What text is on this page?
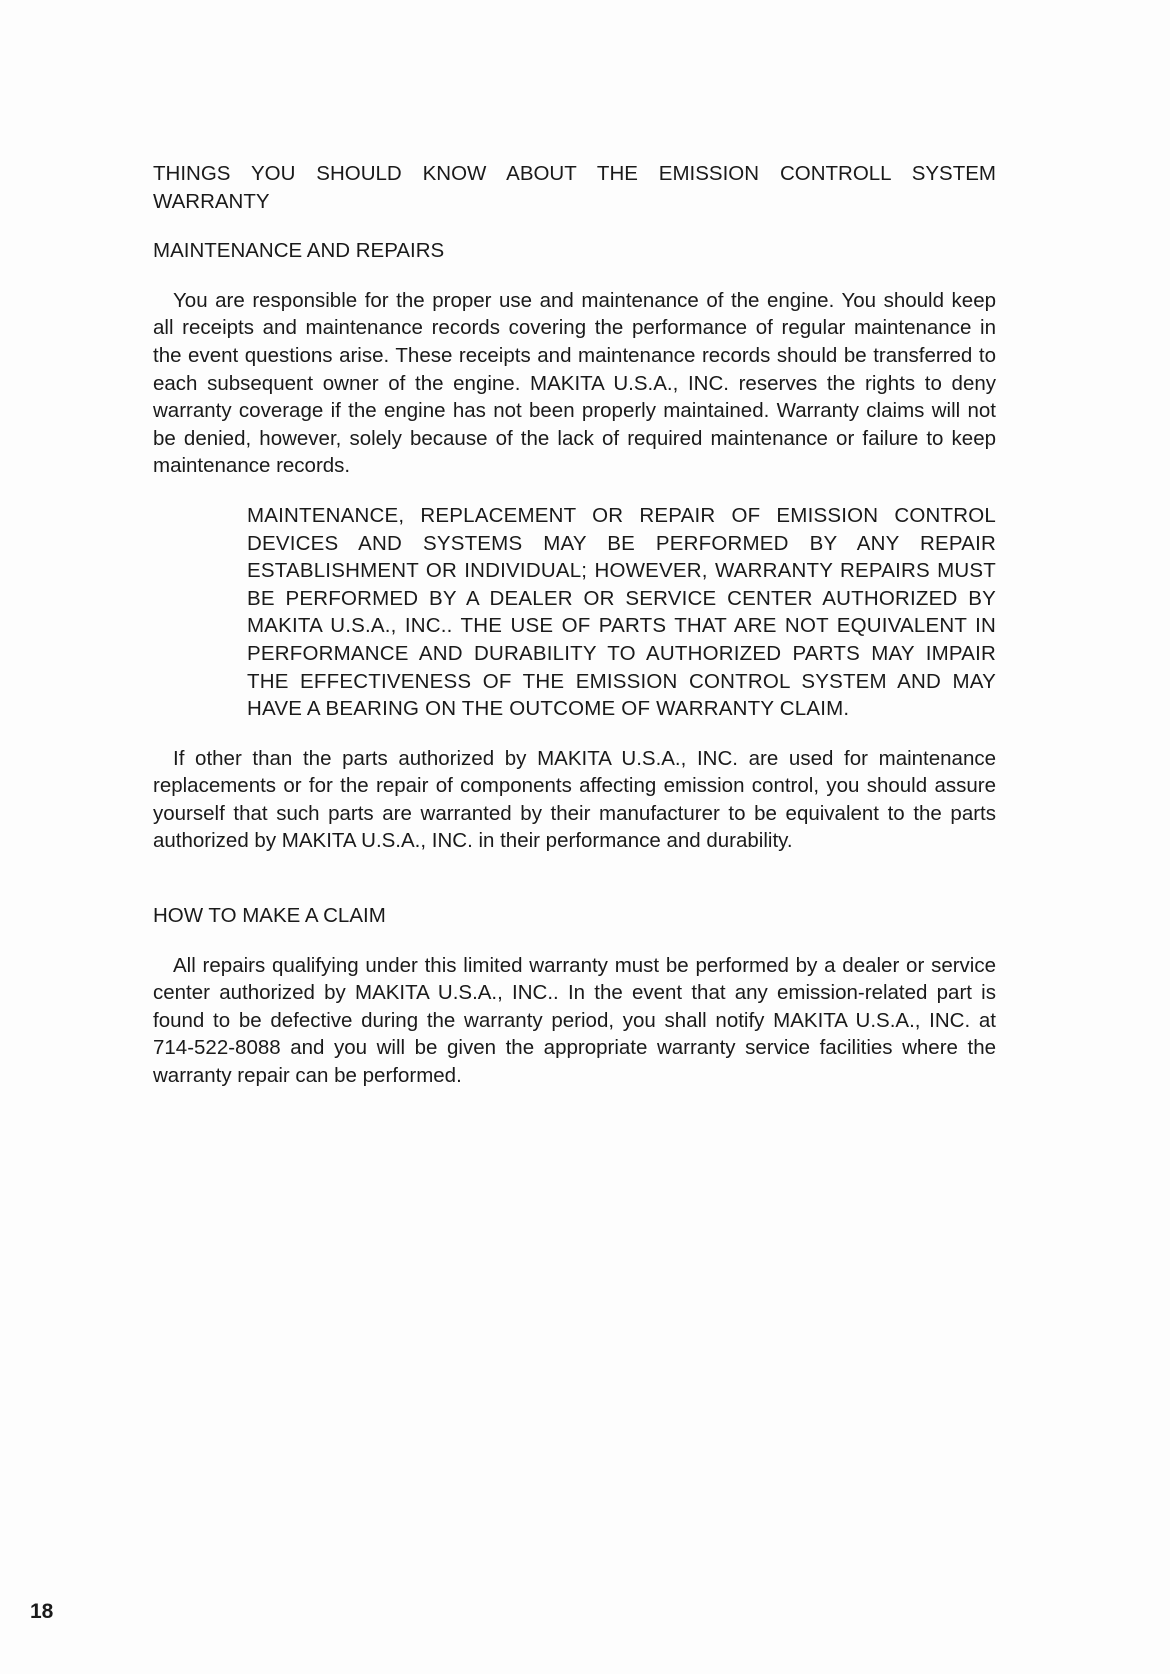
THINGS YOU SHOULD KNOW ABOUT THE EMISSION CONTROLL SYSTEM WARRANTY
MAINTENANCE AND REPAIRS

You are responsible for the proper use and maintenance of the engine. You should keep all receipts and maintenance records covering the performance of regular maintenance in the event questions arise. These receipts and maintenance records should be transferred to each subsequent owner of the engine. MAKITA U.S.A., INC. reserves the rights to deny warranty coverage if the engine has not been properly maintained. Warranty claims will not be denied, however, solely because of the lack of required maintenance or failure to keep maintenance records.

MAINTENANCE, REPLACEMENT OR REPAIR OF EMISSION CONTROL DEVICES AND SYSTEMS MAY BE PERFORMED BY ANY REPAIR ESTABLISHMENT OR INDIVIDUAL; HOWEVER, WARRANTY REPAIRS MUST BE PERFORMED BY A DEALER OR SERVICE CENTER AUTHORIZED BY MAKITA U.S.A., INC.. THE USE OF PARTS THAT ARE NOT EQUIVALENT IN PERFORMANCE AND DURABILITY TO AUTHORIZED PARTS MAY IMPAIR THE EFFECTIVENESS OF THE EMISSION CONTROL SYSTEM AND MAY HAVE A BEARING ON THE OUTCOME OF WARRANTY CLAIM.

If other than the parts authorized by MAKITA U.S.A., INC. are used for maintenance replacements or for the repair of components affecting emission control, you should assure yourself that such parts are warranted by their manufacturer to be equivalent to the parts authorized by MAKITA U.S.A., INC. in their performance and durability.

HOW TO MAKE A CLAIM

All repairs qualifying under this limited warranty must be performed by a dealer or service center authorized by MAKITA U.S.A., INC.. In the event that any emission-related part is found to be defective during the warranty period, you shall notify MAKITA U.S.A., INC. at 714-522-8088 and you will be given the appropriate warranty service facilities where the warranty repair can be performed.

18
